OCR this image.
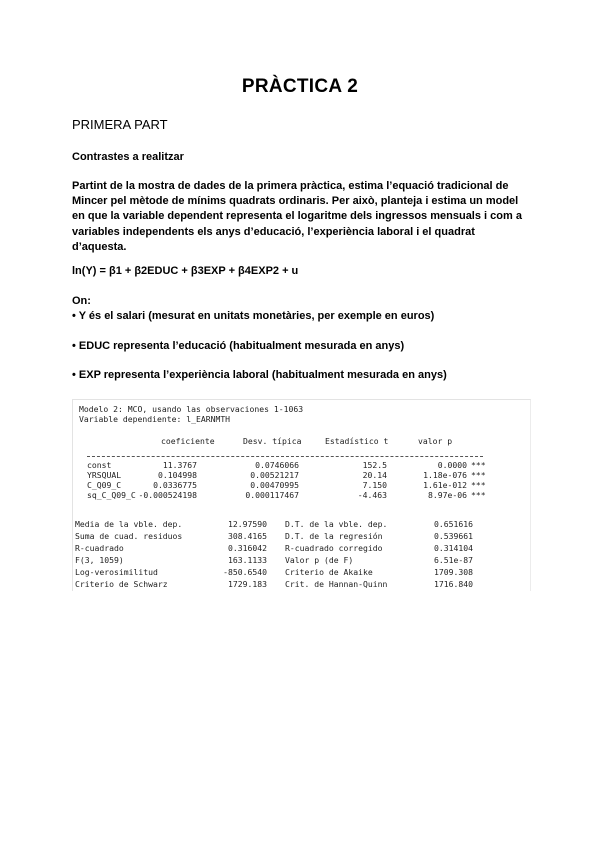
PRÀCTICA 2
PRIMERA PART
Contrastes a realitzar
Partint de la mostra de dades de la primera pràctica, estima l’equació tradicional de
Mincer pel mètode de mínims quadrats ordinaris. Per això, planteja i estima un model
en que la variable dependent representa el logaritme dels ingressos mensuals i com a
variables independents els anys d’educació, l’experiència laboral i el quadrat
d’aquesta.
ln(Y) = β1 + β2EDUC + β3EXP + β4EXP2 + u
On:
• Y és el salari (mesurat en unitats monetàries, per exemple en euros)
• EDUC representa l’educació (habitualment mesurada en anys)
• EXP representa l’experiència laboral (habitualment mesurada en anys)
Modelo 2: MCO, usando las observaciones 1-1063
Variable dependiente: l_EARNMTH
coeficiente	Desv. típica	Estadístico t	valor p
const	11.3767	0.0746066	152.5	0.0000 ***
YRSQUAL	0.104998	0.00521217	20.14	1.18e-076 ***
C_Q09_C	0.0336775	0.00470995	7.150	1.61e-012 ***
sq_C_Q09_C -0.000524198	0.000117467	-4.463	8.97e-06 ***
Media de la vble. dep.	12.97590 D.T. de la vble. dep.	0.651616
Suma de cuad. residuos	308.4165 D.T. de la regresión	0.539661
R-cuadrado	0.316042 R-cuadrado corregido	0.314104
F(3, 1059)	163.1133 Valor p (de F)	6.51e-87
Log-verosimilitud	-850.6540 Criterio de Akaike	1709.308
Criterio de Schwarz	1729.183 Crit. de Hannan-Quinn	1716.840
